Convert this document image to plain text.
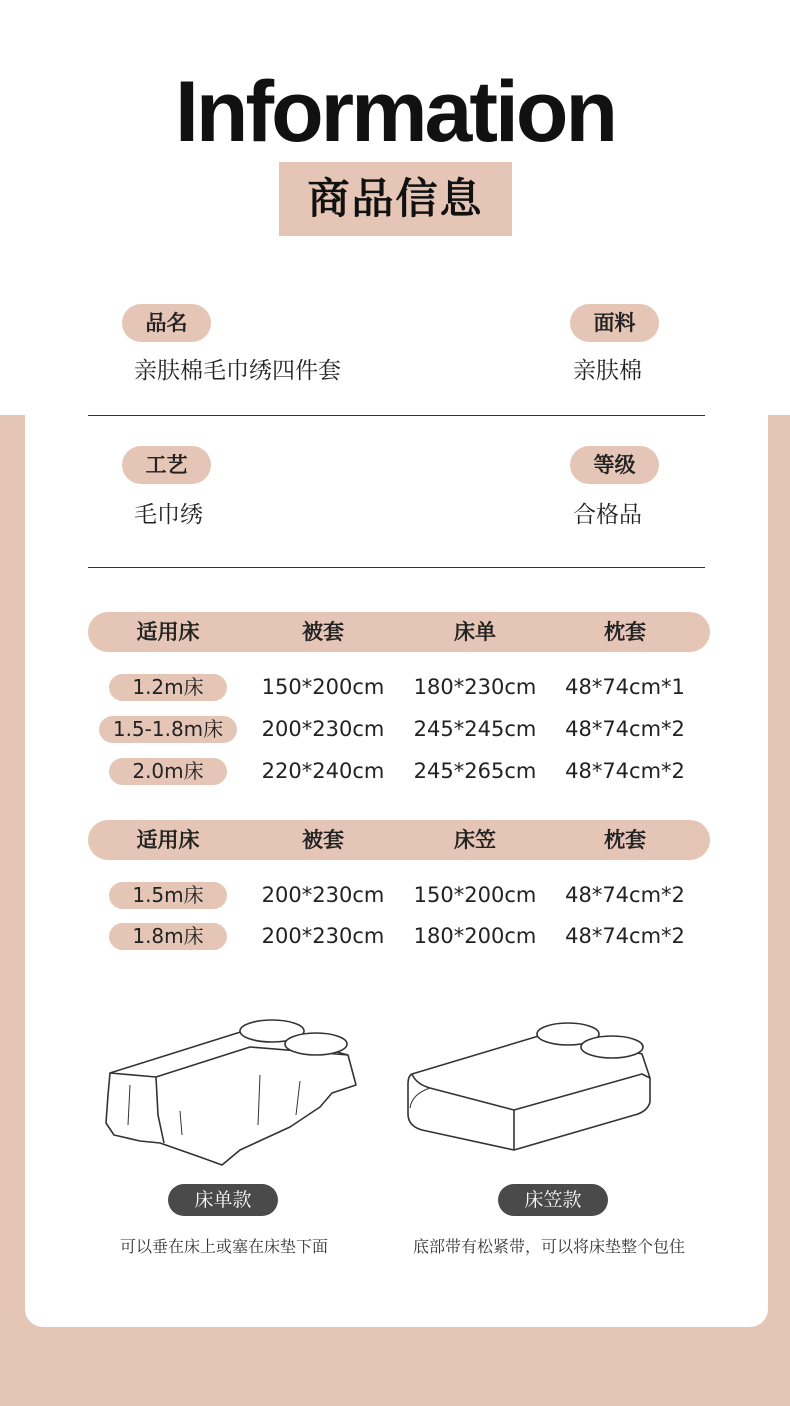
Information
商品信息
品名
亲肤棉毛巾绣四件套
面料
亲肤棉
工艺
毛巾绣
等级
合格品
适用床	被套	床单	枕套
1.2m床	150*200cm 180*230cm 48*74cm*1
1.5-1.8m床	200*230cm 245*245cm 48*74cm*2
2.0m床	220*240cm 245*265cm 48*74cm*2
适用床	被套	床笠	枕套
1.5m床	200*230cm 150*200cm 48*74cm*2
1.8m床	200*230cm 180*200cm 48*74cm*2
床单款	床笠款
可以垂在床上或塞在床垫下面	底部带有松紧带，可以将床垫整个包住
